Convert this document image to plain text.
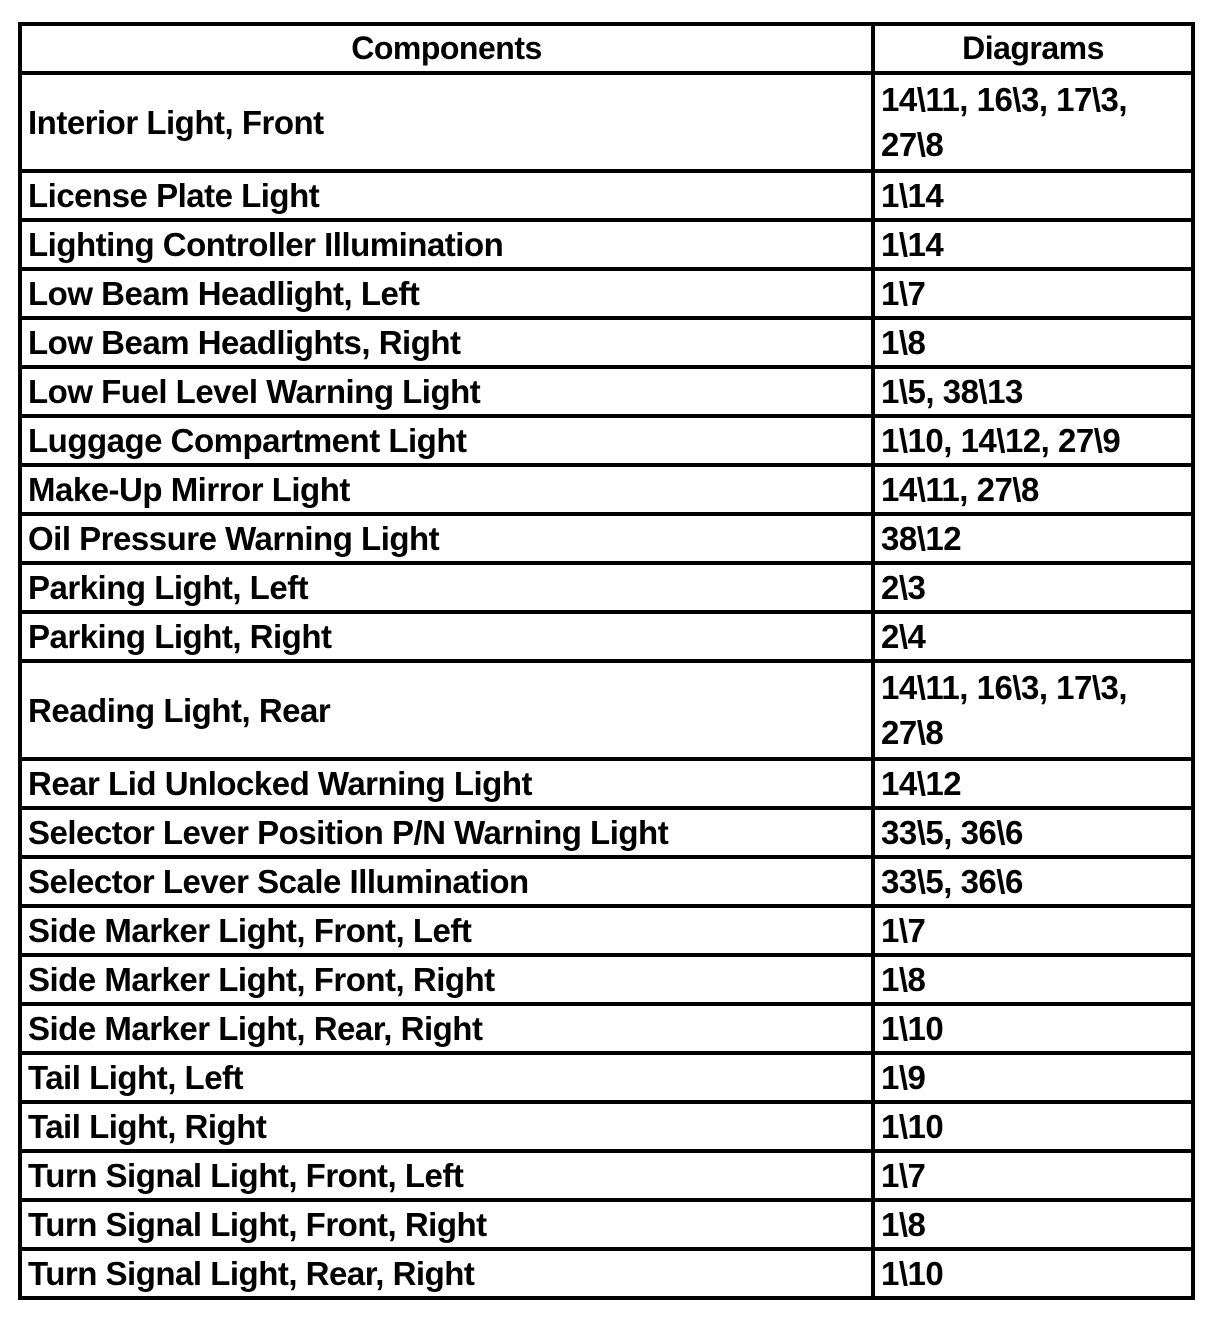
Components	Diagrams
Interior Light, Front	14\11, 16\3, 17\3,
27\8

License Plate Light	1\14
Lighting Controller Illumination	1\14
Low Beam Headlight, Left	1\7
Low Beam Headlights, Right	1\8
Low Fuel Level Warning Light	1\5, 38\13
Luggage Compartment Light	1\10, 14\12, 27\9
Make-Up Mirror Light	14\11, 27\8
Oil Pressure Warning Light	38\12
Parking Light, Left	2\3
Parking Light, Right	2\4
Reading Light, Rear	14\11, 16\3, 17\3,
27\8

Rear Lid Unlocked Warning Light	14\12
Selector Lever Position P/N Warning Light	33\5, 36\6
Selector Lever Scale Illumination	33\5, 36\6
Side Marker Light, Front, Left	1\7
Side Marker Light, Front, Right	1\8
Side Marker Light, Rear, Right	1\10
Tail Light, Left	1\9
Tail Light, Right	1\10
Turn Signal Light, Front, Left	1\7
Turn Signal Light, Front, Right	1\8
Turn Signal Light, Rear, Right	1\10
